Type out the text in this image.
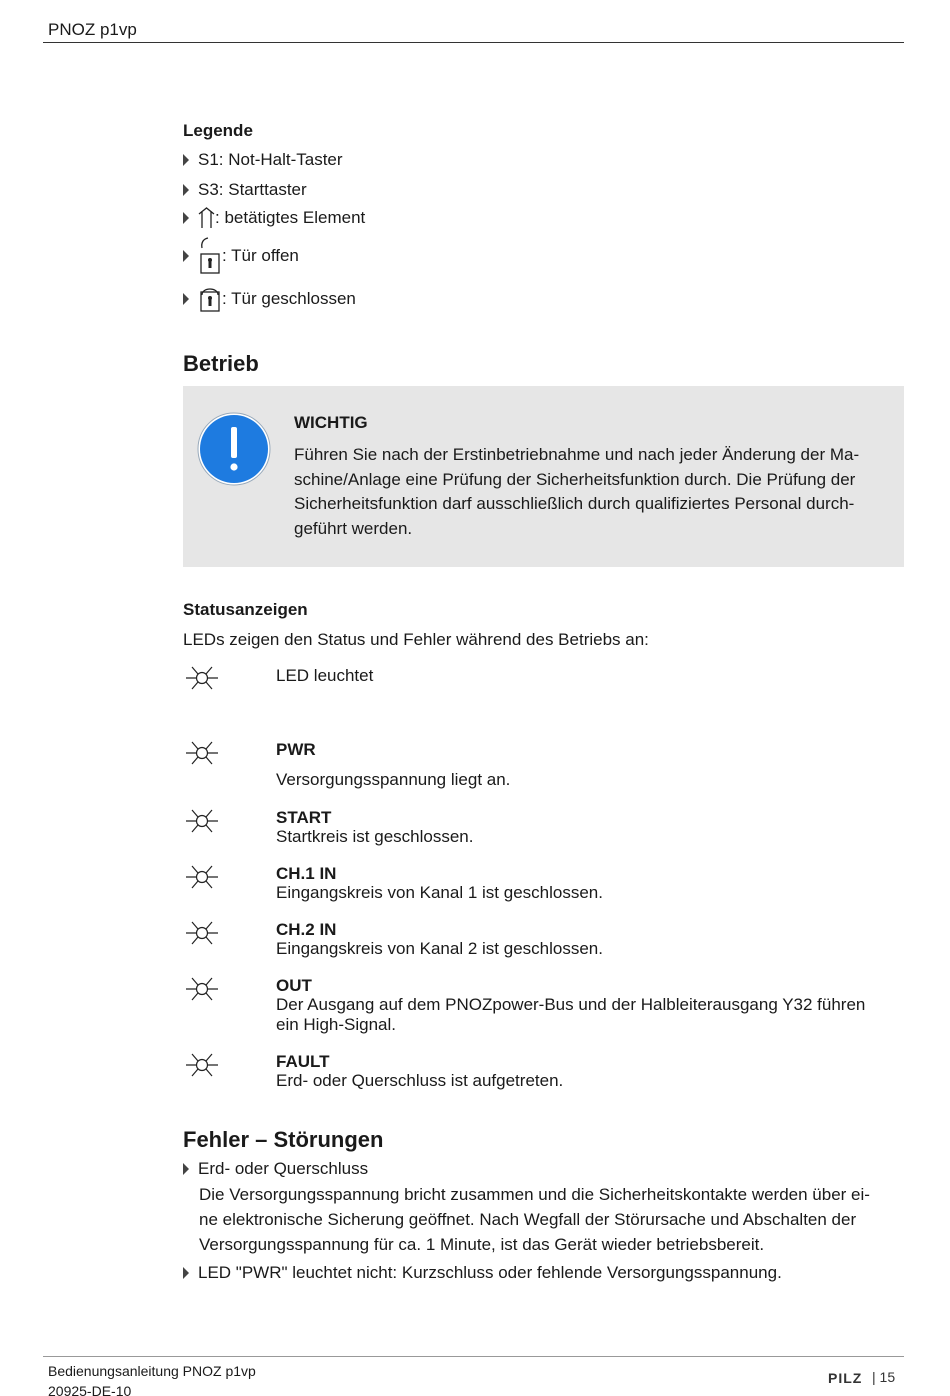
PNOZ p1vp
Legende
S1: Not-Halt-Taster
S3: Starttaster
: betätigtes Element
: Tür offen
: Tür geschlossen
Betrieb
WICHTIG
Führen Sie nach der Erstinbetriebnahme und nach jeder Änderung der Ma-
schine/Anlage eine Prüfung der Sicherheitsfunktion durch. Die Prüfung der
Sicherheitsfunktion darf ausschließlich durch qualifiziertes Personal durch-
geführt werden.
Statusanzeigen
LEDs zeigen den Status und Fehler während des Betriebs an:
LED leuchtet
PWR
Versorgungsspannung liegt an.
START
Startkreis ist geschlossen.
CH.1 IN
Eingangskreis von Kanal 1 ist geschlossen.
CH.2 IN
Eingangskreis von Kanal 2 ist geschlossen.
OUT
Der Ausgang auf dem PNOZpower-Bus und der Halbleiterausgang Y32 führen
ein High-Signal.
FAULT
Erd- oder Querschluss ist aufgetreten.
Fehler – Störungen
Erd- oder Querschluss
Die Versorgungsspannung bricht zusammen und die Sicherheitskontakte werden über ei-
ne elektronische Sicherung geöffnet. Nach Wegfall der Störursache und Abschalten der
Versorgungsspannung für ca. 1 Minute, ist das Gerät wieder betriebsbereit.
LED "PWR" leuchtet nicht: Kurzschluss oder fehlende Versorgungsspannung.
Bedienungsanleitung PNOZ p1vp
20925-DE-10
PILZ | 15
